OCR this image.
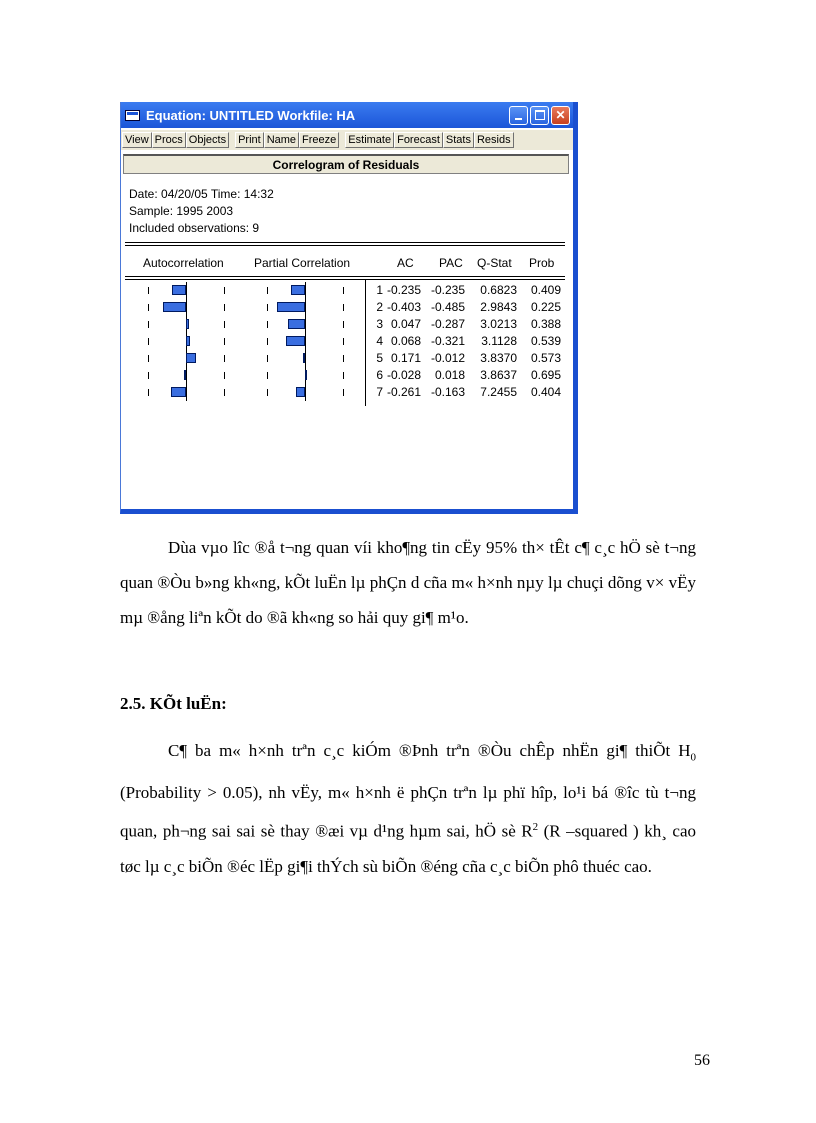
Equation: UNTITLED Workfile: HA	✕
View Procs Objects Print Name Freeze Estimate Forecast Stats Resids
Correlogram of Residuals
Date: 04/20/05 Time: 14:32
Sample: 1995 2003
Included observations: 9
Autocorrelation	Partial Correlation	AC PAC Q-Stat Prob
1 -0.235 -0.235 0.6823 0.409
2 -0.403 -0.485 2.9843 0.225
3 0.047 -0.287 3.0213 0.388
4 0.068 -0.321 3.1128 0.539
5 0.171 -0.012 3.8370 0.573
6 -0.028 0.018 3.8637 0.695
7 -0.261 -0.163 7.2455 0.404
Dùa vµo lîc ®å t¬ng quan víi kho¶ng tin cËy 95% th× tÊt c¶ c¸c hÖ sè t¬ng quan ®Òu b»ng kh«ng, kÕt luËn lµ phÇn d cña m« h×nh nµy lµ chuçi dõng v× vËy mµ ®ång liªn kÕt do ®ã kh«ng so hải quy gi¶ m¹o.
2.5. KÕt luËn:
C¶ ba m« h×nh trªn c¸c kiÓm ®Þnh trªn ®Òu chÊp nhËn gi¶ thiÕt $H_0$ (Probability > 0.05), nh vËy, m« h×nh ë phÇn trªn lµ phï hîp, lo¹i bá ®îc tù t¬ng quan, ph¬ng sai sai sè thay ®æi vµ d¹ng hµm sai, hÖ sè $R^2$ (R –squared ) kh¸ cao tøc lµ c¸c biÕn ®éc lËp gi¶i thÝch sù biÕn ®éng cña c¸c biÕn phô thuéc cao.
56
